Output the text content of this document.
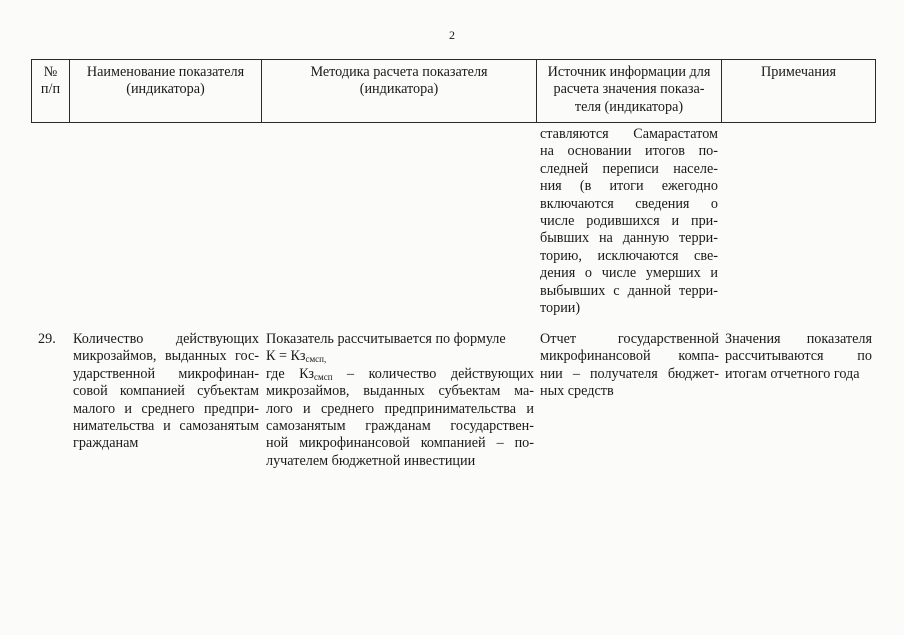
2
№
п/п
Наименование показателя
(индикатора)
Методика расчета показателя
(индикатора)
Источник информации для
расчета значения показа-
теля (индикатора)
Примечания
ставляются Самарастатом
на основании итогов по-
следней переписи населе-
ния (в итоги ежегодно
включаются сведения о
числе родившихся и при-
бывших на данную терри-
торию, исключаются све-
дения о числе умерших и
выбывших с данной терри-
тории)
29.	Количество действующих
микрозаймов, выданных гос-
ударственной микрофинан-
совой компанией субъектам
малого и среднего предпри-
нимательства и самозанятым
гражданам
Показатель рассчитывается по формуле
$К = Кз_{смсп,}$
где $Кз_{смсп}$ – количество действующих
микрозаймов, выданных субъектам ма-
лого и среднего предпринимательства и
самозанятым гражданам государствен-
ной микрофинансовой компанией – по-
лучателем бюджетной инвестиции
Отчет государственной
микрофинансовой компа-
нии – получателя бюджет-
ных средств
Значения показателя
рассчитываются по
итогам отчетного года
